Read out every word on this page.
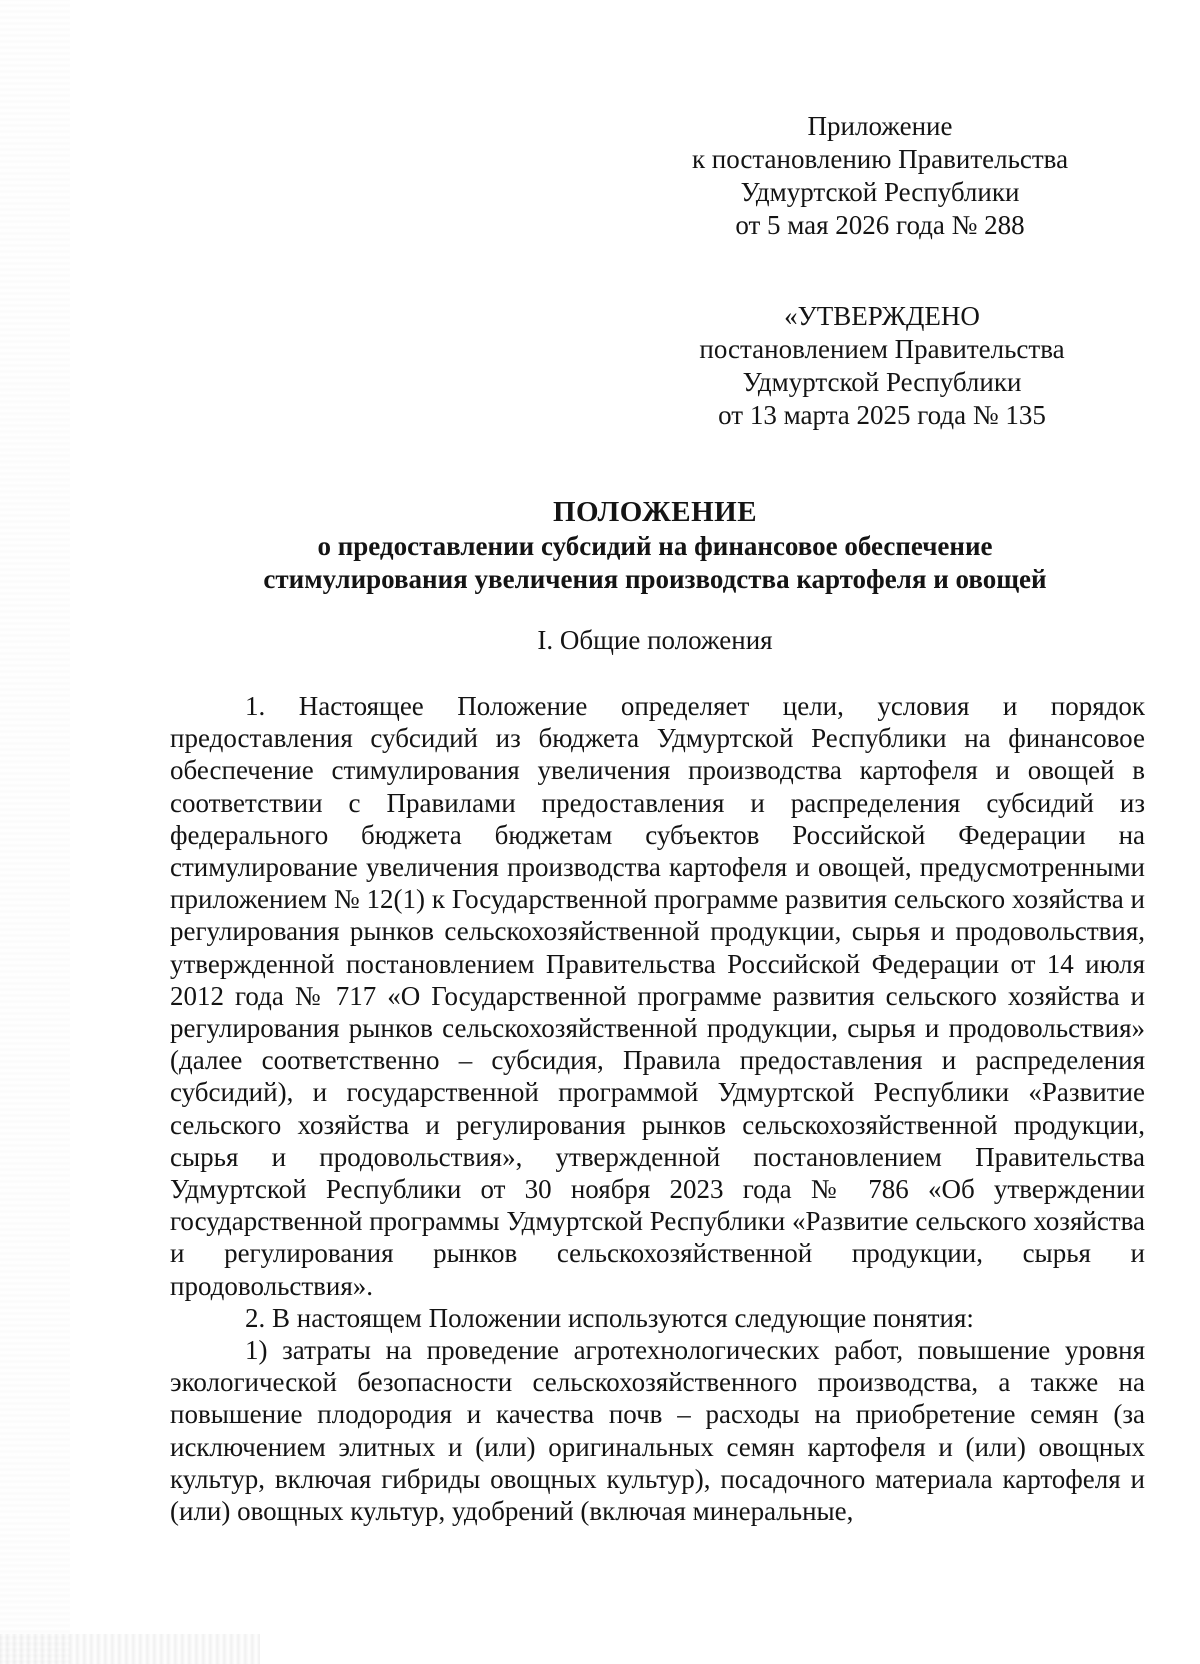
Приложение
к постановлению Правительства
Удмуртской Республики
от 5 мая 2026 года № 288
«УТВЕРЖДЕНО
постановлением Правительства
Удмуртской Республики
от 13 марта 2025 года № 135
ПОЛОЖЕНИЕ
о предоставлении субсидий на финансовое обеспечение
стимулирования увеличения производства картофеля и овощей
I. Общие положения

1. Настоящее Положение определяет цели, условия и порядок предоставления субсидий из бюджета Удмуртской Республики на финансовое обеспечение стимулирования увеличения производства картофеля и овощей в соответствии с Правилами предоставления и распределения субсидий из федерального бюджета бюджетам субъектов Российской Федерации на стимулирование увеличения производства картофеля и овощей, предусмотренными приложением № 12(1) к Государственной программе развития сельского хозяйства и регулирования рынков сельскохозяйственной продукции, сырья и продовольствия, утвержденной постановлением Правительства Российской Федерации от 14 июля 2012 года № 717 «О Государственной программе развития сельского хозяйства и регулирования рынков сельскохозяйственной продукции, сырья и продовольствия» (далее соответственно – субсидия, Правила предоставления и распределения субсидий), и государственной программой Удмуртской Республики «Развитие сельского хозяйства и регулирования рынков сельскохозяйственной продукции, сырья и продовольствия», утвержденной постановлением Правительства Удмуртской Республики от 30 ноября 2023 года № 786 «Об утверждении государственной программы Удмуртской Республики «Развитие сельского хозяйства и регулирования рынков сельскохозяйственной продукции, сырья и продовольствия».

2. В настоящем Положении используются следующие понятия:

1) затраты на проведение агротехнологических работ, повышение уровня экологической безопасности сельскохозяйственного производства, а также на повышение плодородия и качества почв – расходы на приобретение семян (за исключением элитных и (или) оригинальных семян картофеля и (или) овощных культур, включая гибриды овощных культур), посадочного материала картофеля и (или) овощных культур, удобрений (включая минеральные,
